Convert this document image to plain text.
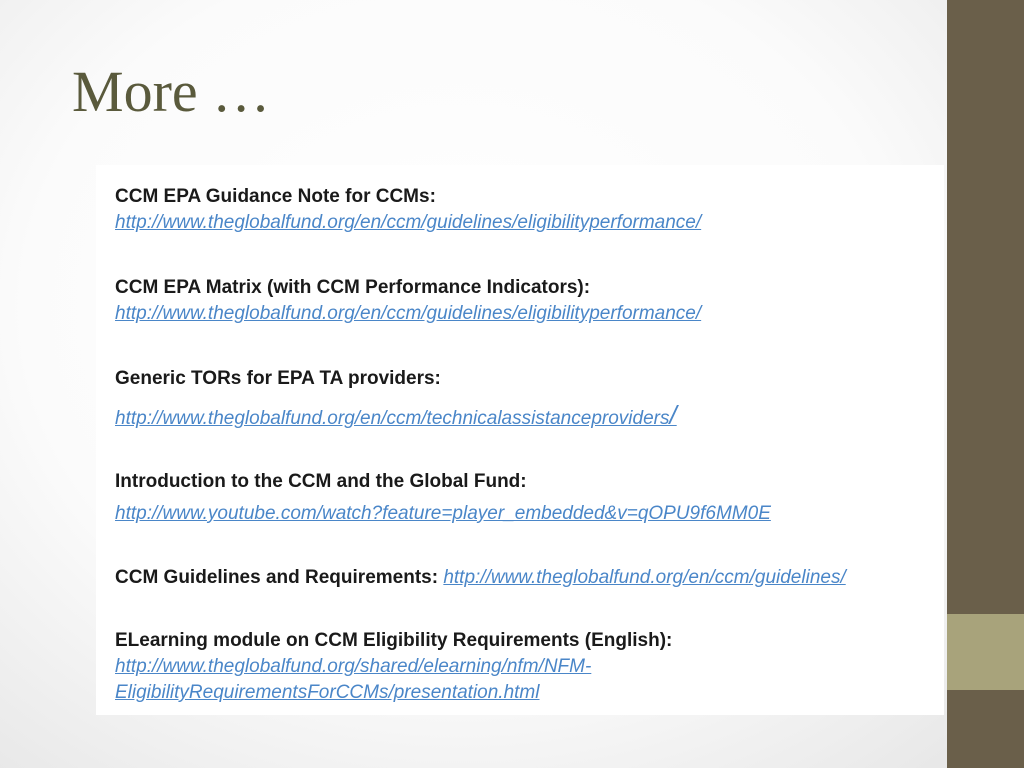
More …
CCM EPA Guidance Note for CCMs:
http://www.theglobalfund.org/en/ccm/guidelines/eligibilityperformance/
CCM EPA Matrix (with CCM Performance Indicators):
http://www.theglobalfund.org/en/ccm/guidelines/eligibilityperformance/
Generic TORs for EPA TA providers:
http://www.theglobalfund.org/en/ccm/technicalassistanceproviders/
Introduction to the CCM and the Global Fund:
http://www.youtube.com/watch?feature=player_embedded&v=qOPU9f6MM0E
CCM Guidelines and Requirements: http://www.theglobalfund.org/en/ccm/guidelines/
ELearning module on CCM Eligibility Requirements (English):
http://www.theglobalfund.org/shared/elearning/nfm/NFM-
EligibilityRequirementsForCCMs/presentation.html
